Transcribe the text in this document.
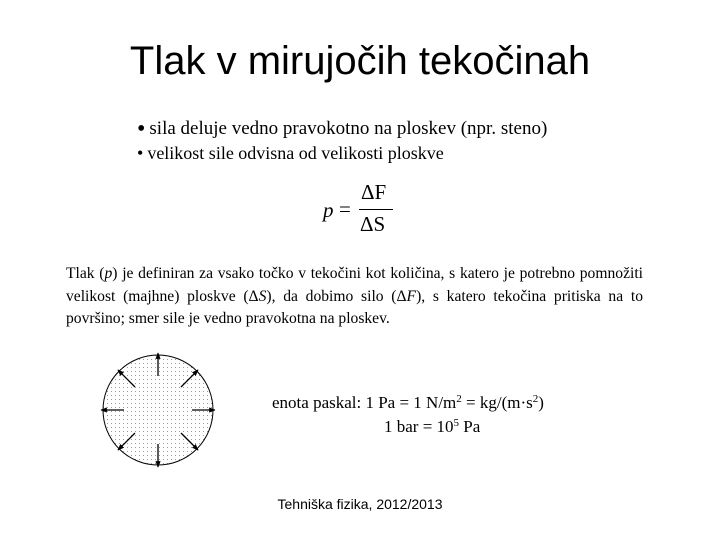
Tlak v mirujočih tekočinah
• sila deluje vedno pravokotno na ploskev (npr. steno)
• velikost sile odvisna od velikosti ploskve
p =
ΔF
ΔS
Tlak (p) je definiran za vsako točko v tekočini kot količina, s katero je potrebno pomnožiti velikost (majhne) ploskve (ΔS), da dobimo silo (ΔF), s katero tekočina pritiska na to površino; smer sile je vedno pravokotna na ploskev.
enota paskal: 1 Pa = 1 $N/m^2 = kg/(m\cdot s^2)$
1 bar = $10^5$ Pa
Tehniška fizika, 2012/2013
